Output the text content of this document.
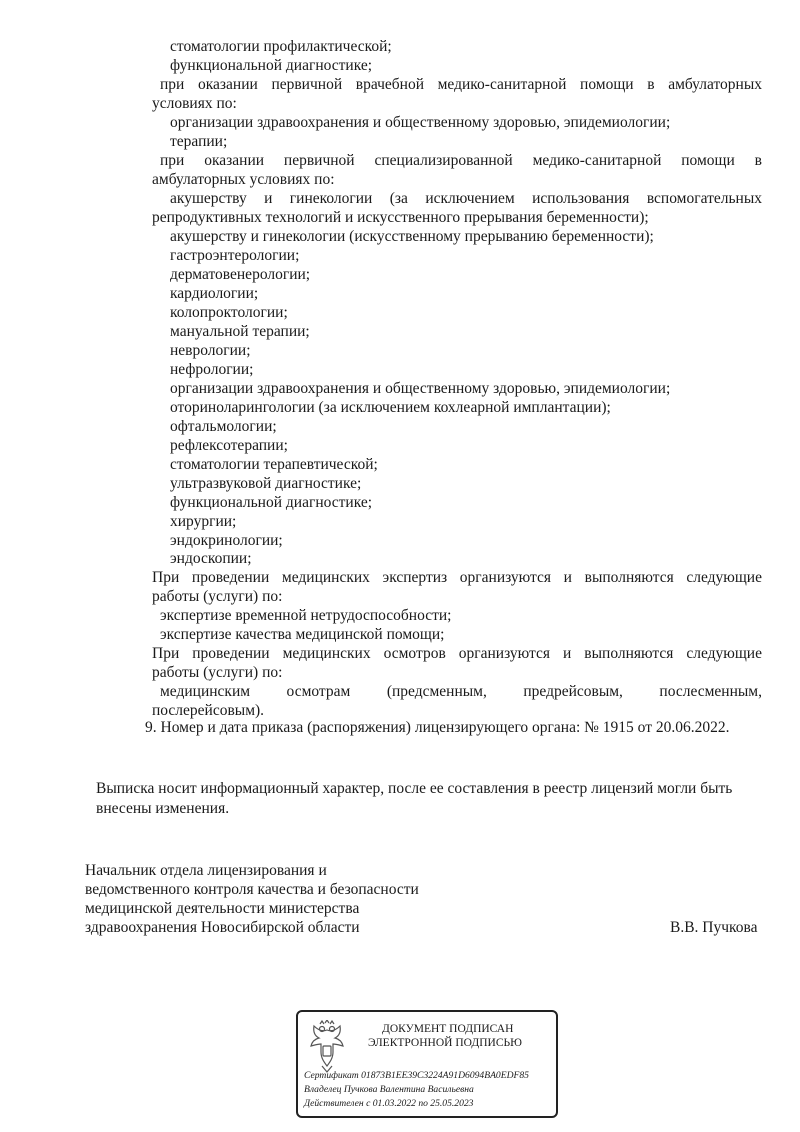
стоматологии профилактической;
функциональной диагностике;
при оказании первичной врачебной медико-санитарной помощи в амбулаторных
условиях по:
организации здравоохранения и общественному здоровью, эпидемиологии;
терапии;
при оказании первичной специализированной медико-санитарной помощи в
амбулаторных условиях по:
акушерству и гинекологии (за исключением использования вспомогательных
репродуктивных технологий и искусственного прерывания беременности);
акушерству и гинекологии (искусственному прерыванию беременности);
гастроэнтерологии;
дерматовенерологии;
кардиологии;
колопроктологии;
мануальной терапии;
неврологии;
нефрологии;
организации здравоохранения и общественному здоровью, эпидемиологии;
оториноларингологии (за исключением кохлеарной имплантации);
офтальмологии;
рефлексотерапии;
стоматологии терапевтической;
ультразвуковой диагностике;
функциональной диагностике;
хирургии;
эндокринологии;
эндоскопии;
При проведении медицинских экспертиз организуются и выполняются следующие
работы (услуги) по:
экспертизе временной нетрудоспособности;
экспертизе качества медицинской помощи;
При проведении медицинских осмотров организуются и выполняются следующие
работы (услуги) по:
медицинским осмотрам (предсменным, предрейсовым, послесменным,
послерейсовым).
9. Номер и дата приказа (распоряжения) лицензирующего органа: № 1915 от 20.06.2022.
Выписка носит информационный характер, после ее составления в реестр лицензий могли быть
внесены изменения.
Начальник отдела лицензирования и
ведомственного контроля качества и безопасности
медицинской деятельности министерства
здравоохранения Новосибирской области	В.В. Пучкова
ДОКУМЕНТ ПОДПИСАН
ЭЛЕКТРОННОЙ ПОДПИСЬЮ
Сертификат 01873B1EE39C3224A91D6094BA0EDF85
Владелец Пучкова Валентина Васильевна
Действителен с 01.03.2022 по 25.05.2023
